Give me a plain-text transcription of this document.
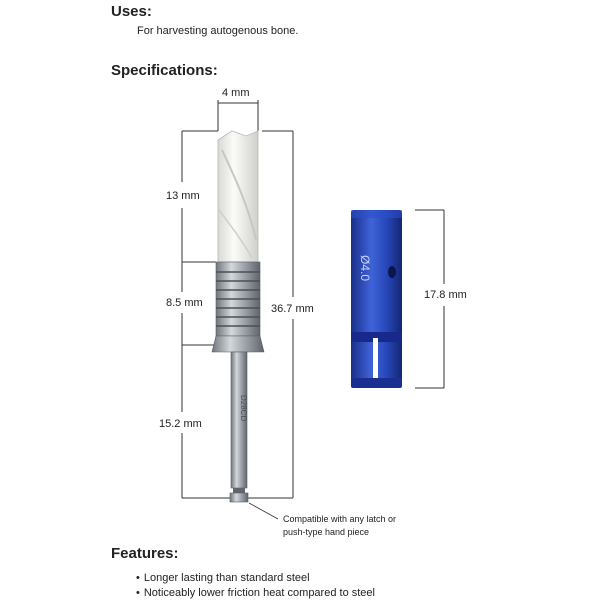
Uses:
For harvesting autogenous bone.
Specifications:
4 mm
13 mm
8.5 mm	36.7 mm
15.2 mm
17.8 mm
Compatible with any latch or
push-type hand piece
Features:
• Longer lasting than standard steel
• Noticeably lower friction heat compared to steel
D28CD
Ø4.0
